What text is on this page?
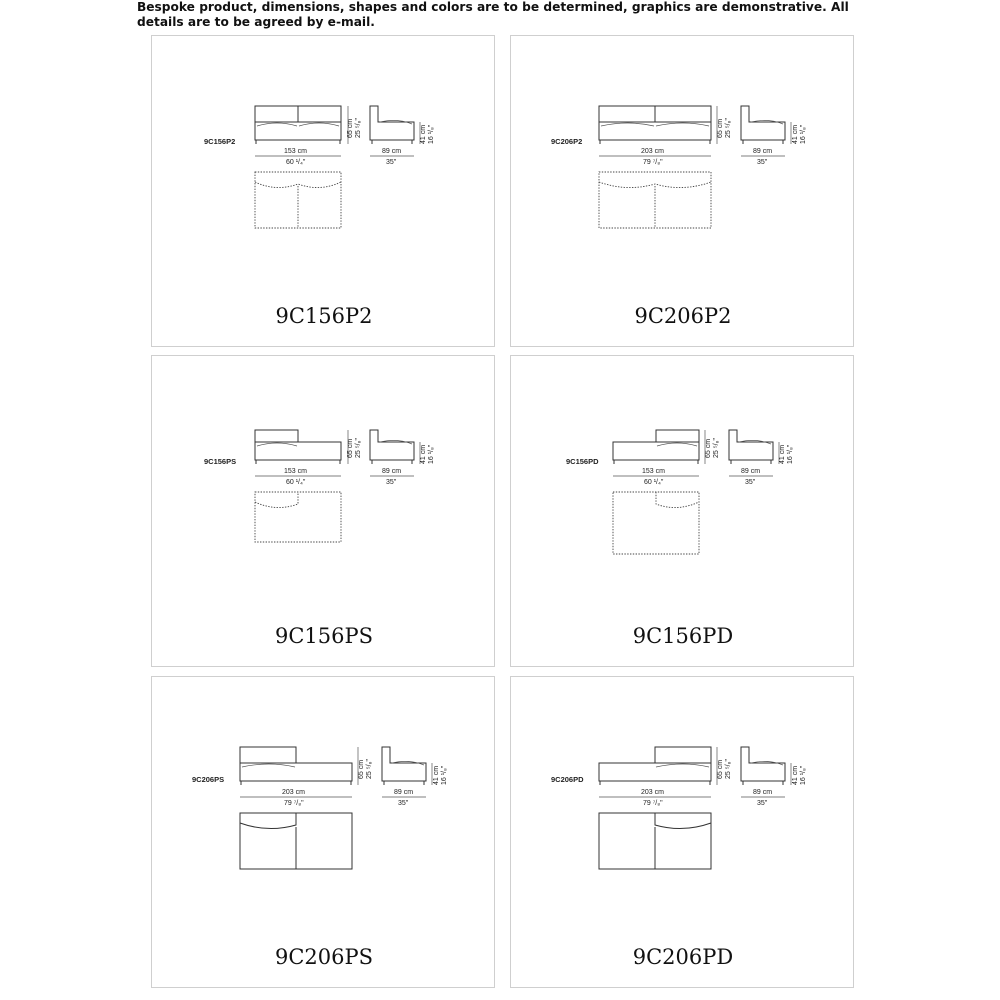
Bespoke product, dimensions, shapes and colors are to be determined, graphics are demonstrative. All details are to be agreed by e-mail.
9C156P2
65 cm 25 ⁵/₈"
153 cm
60 ¹/₄"
41 cm 16 ¹/₈"
89 cm
35"
9C156P2
9C206P2
65 cm 25 ⁵/₈"
203 cm
79 ⁷/₈"
41 cm 16 ¹/₈"
89 cm
35"
9C206P2
9C156PS
65 cm 25 ⁵/₈"
153 cm
60 ¹/₄"
41 cm 16 ¹/₈"
89 cm
35"
9C156PS
9C156PD
65 cm 25 ⁵/₈"
153 cm
60 ¹/₄"
41 cm 16 ¹/₈"
89 cm
35"
9C156PD
9C206PS
65 cm 25 ⁵/₈"
203 cm
79 ⁷/₈"
41 cm 16 ¹/₈"
89 cm
35"
9C206PS
9C206PD
65 cm 25 ⁵/₈"
203 cm
79 ⁷/₈"
41 cm 16 ¹/₈"
89 cm
35"
9C206PD
